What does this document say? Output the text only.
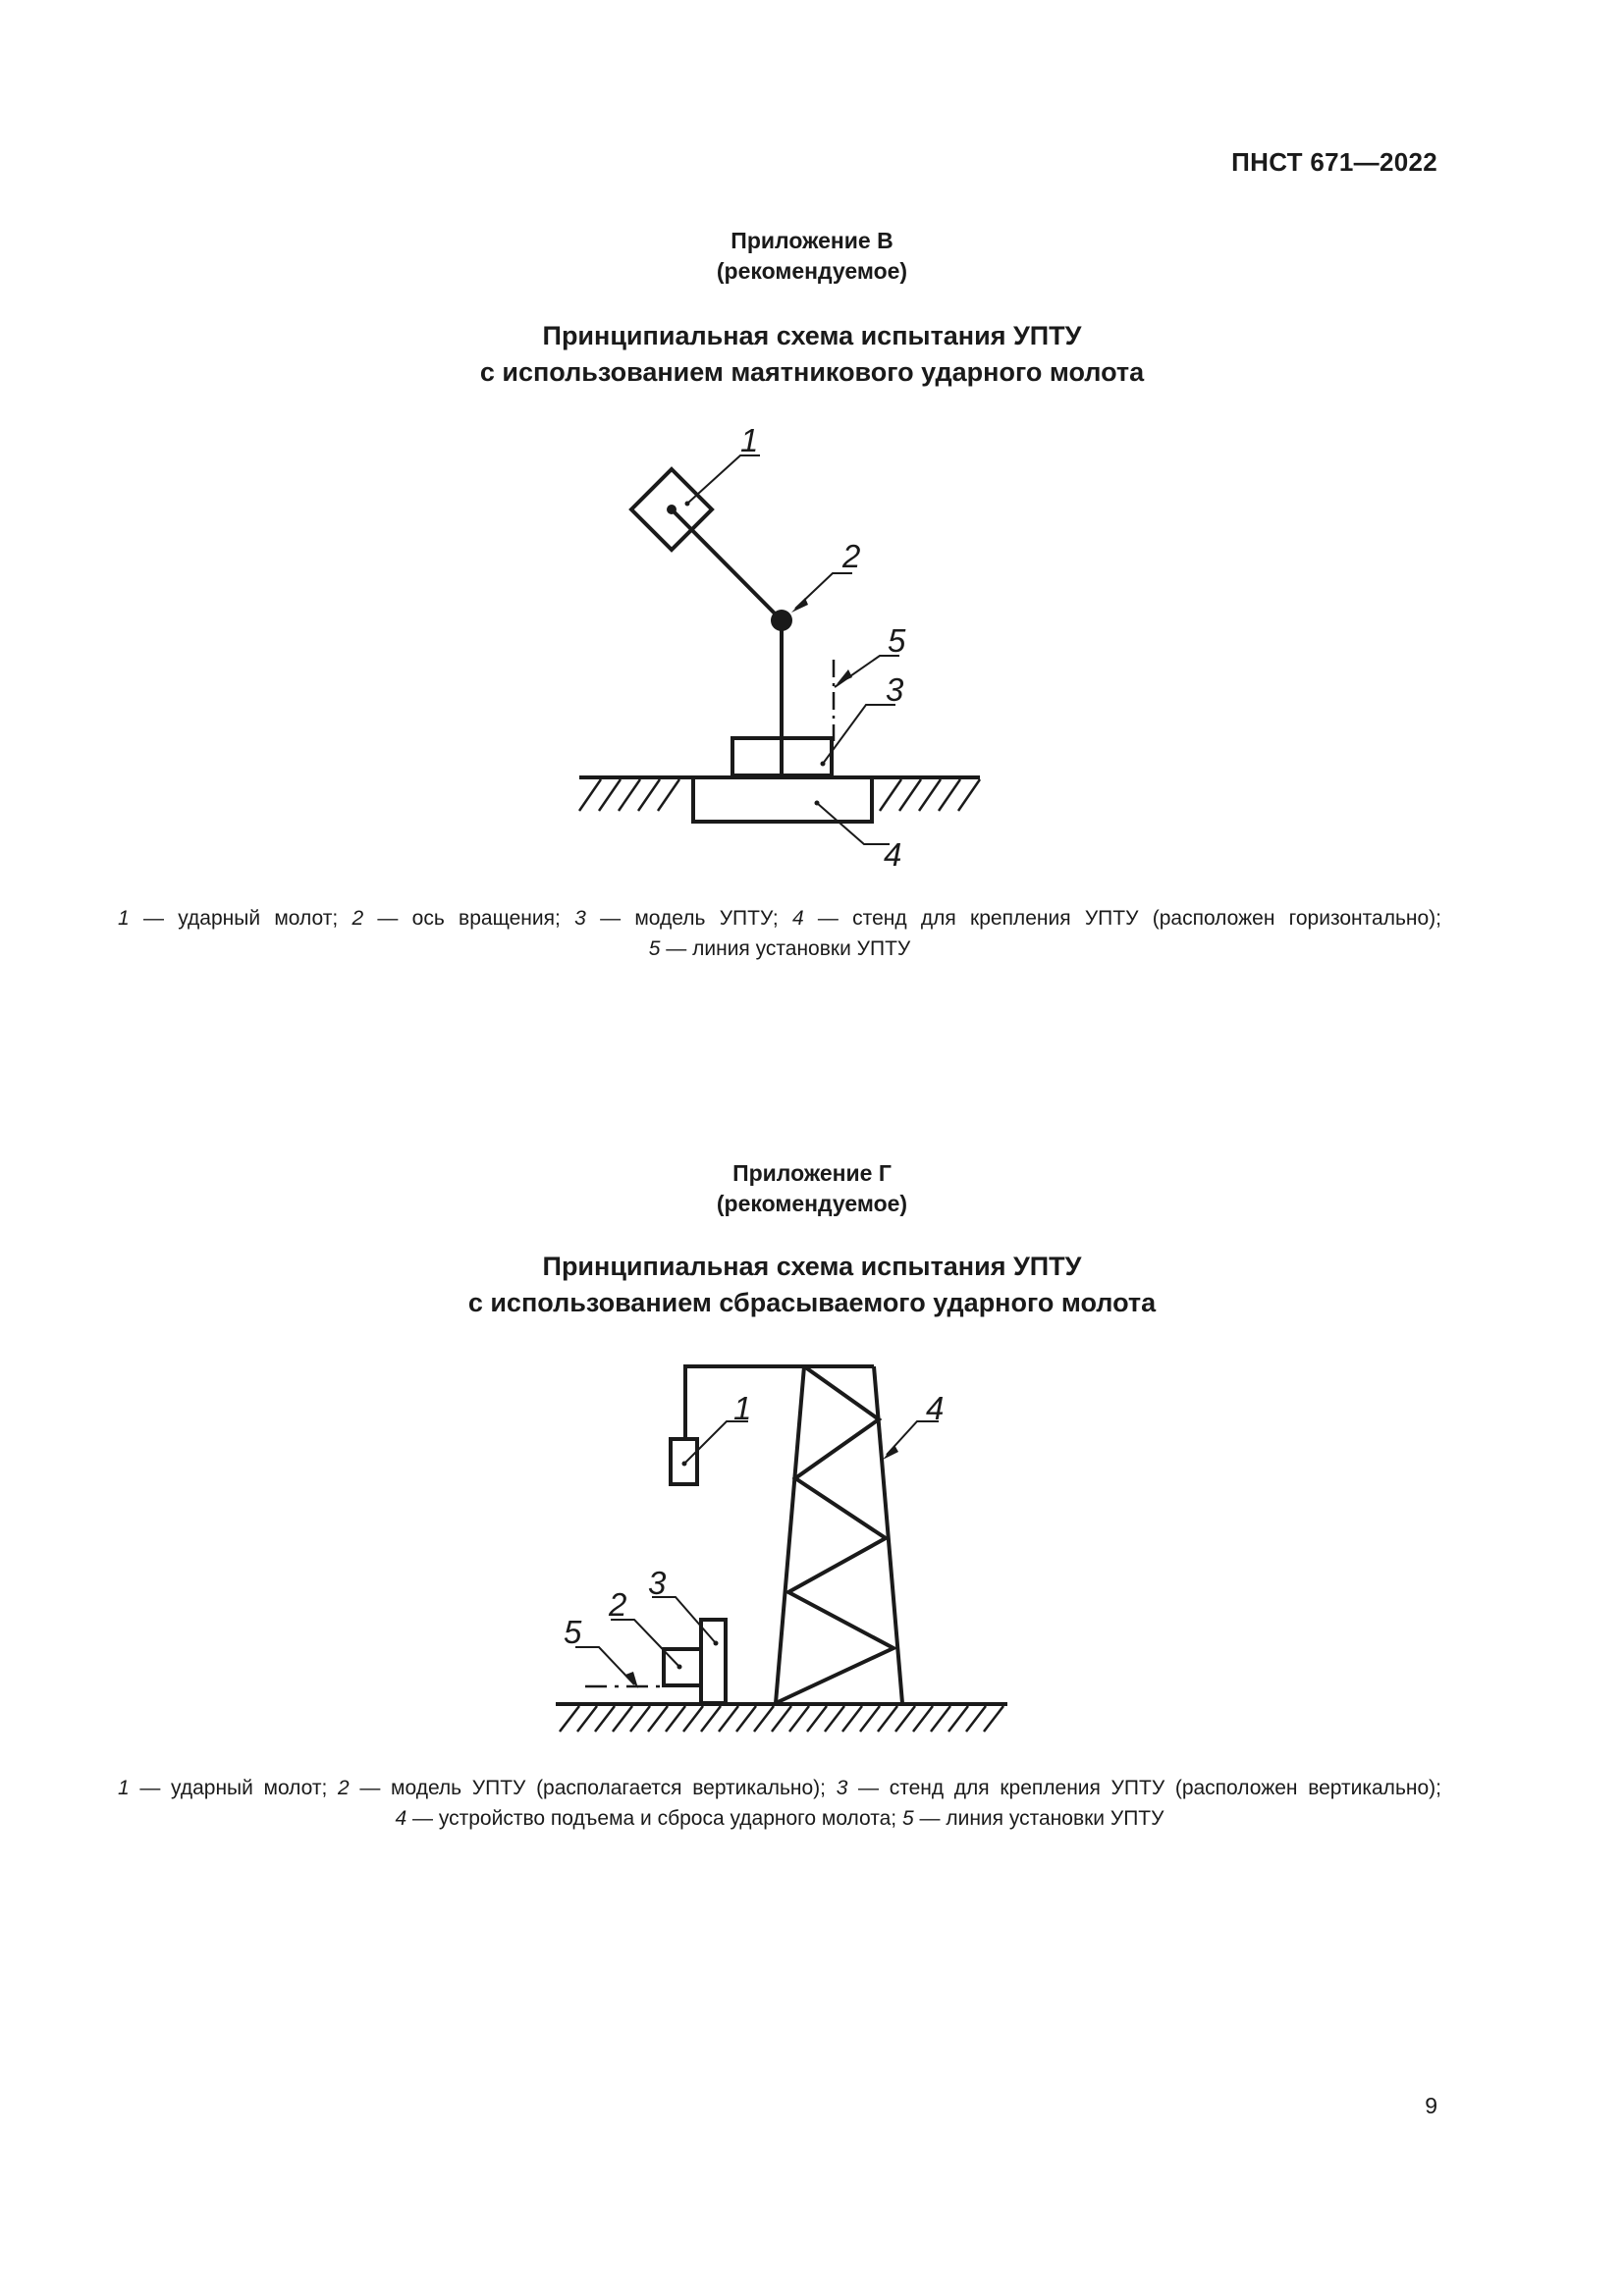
ПНСТ 671—2022
Приложение В
(рекомендуемое)
Принципиальная схема испытания УПТУ
с использованием маятникового ударного молота
1
2
5
3
4
1 — ударный молот; 2 — ось вращения; 3 — модель УПТУ; 4 — стенд для крепления УПТУ (расположен горизонтально);
5 — линия установки УПТУ
Приложение Г
(рекомендуемое)
Принципиальная схема испытания УПТУ
с использованием сбрасываемого ударного молота
1	4
3
2
5
1 — ударный молот; 2 — модель УПТУ (располагается вертикально); 3 — стенд для крепления УПТУ (расположен вертикально);
4 — устройство подъема и сброса ударного молота; 5 — линия установки УПТУ
9
